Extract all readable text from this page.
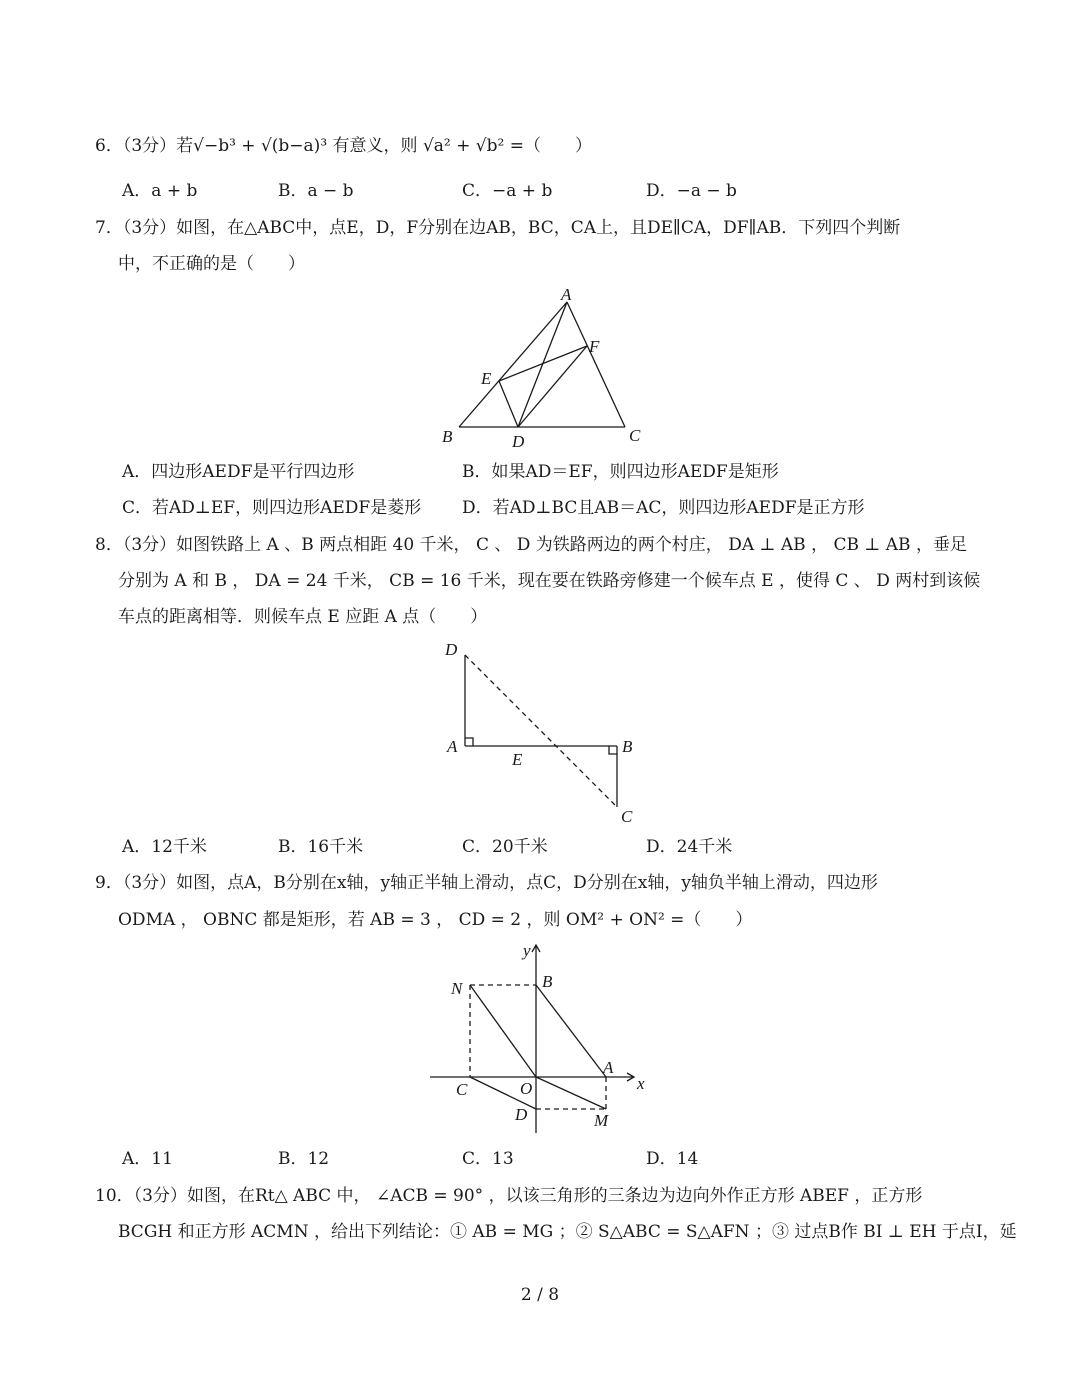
6．（3分）若√−b³ + √(b−a)³ 有意义，则 √a² + √b² =（　　）
A．a + b	B．a − b	C．−a + b	D．−a − b
7．（3分）如图，在△ABC中，点E，D，F分别在边AB，BC，CA上，且DE∥CA，DF∥AB．下列四个判断
中，不正确的是（　　）
A
B	C
D
E
F
A．四边形AEDF是平行四边形	B．如果AD＝EF，则四边形AEDF是矩形
C．若AD⊥EF，则四边形AEDF是菱形 D．若AD⊥BC且AB＝AC，则四边形AEDF是正方形
8．（3分）如图铁路上 A 、B 两点相距 40 千米， C 、 D 为铁路两边的两个村庄， DA ⊥ AB ， CB ⊥ AB ，垂足
分别为 A 和 B ， DA = 24 千米， CB = 16 千米，现在要在铁路旁修建一个候车点 E ，使得 C 、 D 两村到该候
车点的距离相等．则候车点 E 应距 A 点（　　）
D
A	B
C
E
A．12千米	B．16千米	C．20千米	D．24千米
9．（3分）如图，点A，B分别在x轴，y轴正半轴上滑动，点C，D分别在x轴，y轴负半轴上滑动，四边形
ODMA ， OBNC 都是矩形，若 AB = 3 ， CD = 2 ，则 OM² + ON² =（　　）
y
x
B
N
A
C	O
D	M
A．11	B．12	C．13	D．14
10．（3分）如图，在Rt△ ABC 中， ∠ACB = 90° ，以该三角形的三条边为边向外作正方形 ABEF ，正方形
BCGH 和正方形 ACMN ，给出下列结论：① AB = MG ；② S△ABC = S△AFN ；③ 过点B作 BI ⊥ EH 于点I，延
2 / 8
